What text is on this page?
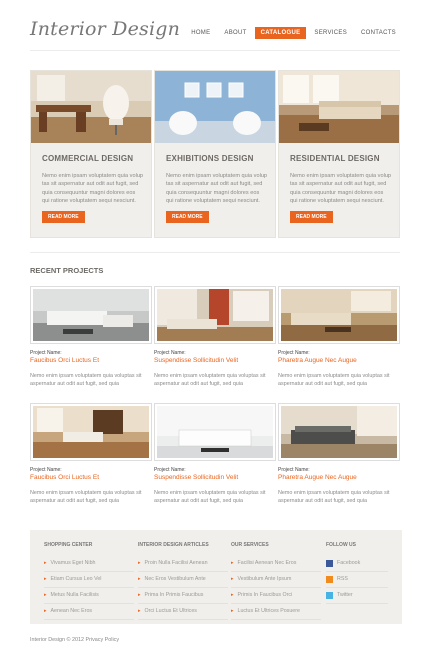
Interior Design	HOME	ABOUT	CATALOGUE	SERVICES	CONTACTS
COMMERCIAL DESIGN
Nemo enim ipsam voluptatem quia volup tas sit aspernatur aut odit aut fugit, sed quia consequuntur magni dolores eos qui ratione voluptatem sequi nesciunt.
READ MORE
EXHIBITIONS DESIGN
Nemo enim ipsam voluptatem quia volup tas sit aspernatur aut odit aut fugit, sed quia consequuntur magni dolores eos qui ratione voluptatem sequi nesciunt.
READ MORE
RESIDENTIAL DESIGN
Nemo enim ipsam voluptatem quia volup tas sit aspernatur aut odit aut fugit, sed quia consequuntur magni dolores eos qui ratione voluptatem sequi nesciunt.
READ MORE
RECENT PROJECTS
Project Name:
Faucibus Orci Luctus Et
Nemo enim ipsam voluptatem quia voluptas sit aspernatur aut odit aut fugit, sed quia
Project Name:
Suspendisse Sollicitudin Velit
Nemo enim ipsam voluptatem quia voluptas sit aspernatur aut odit aut fugit, sed quia
Project Name:
Pharetra Augue Nec Augue
Nemo enim ipsam voluptatem quia voluptas sit aspernatur aut odit aut fugit, sed quia
Project Name:
Faucibus Orci Luctus Et
Nemo enim ipsam voluptatem quia voluptas sit aspernatur aut odit aut fugit, sed quia
Project Name:
Suspendisse Sollicitudin Velit
Nemo enim ipsam voluptatem quia voluptas sit aspernatur aut odit aut fugit, sed quia
Project Name:
Pharetra Augue Nec Augue
Nemo enim ipsam voluptatem quia voluptas sit aspernatur aut odit aut fugit, sed quia
SHOPPING CENTER
▸ Vivamus Eget Nibh
▸ Etiam Cursus Leo Vel
▸ Metus Nulla Facilisis
▸ Aenean Nec Eros
INTERIOR DESIGN ARTICLES
▸ Proin Nulla Facilisi Aenean
▸ Nec Eros Vestibulum Ante
▸ Prima In Primis Faucibus
▸ Orci Luctus Et Ultrices
OUR SERVICES
▸ Facilisi Aenean Nec Eros
▸ Vestibulum Ante Ipsum
▸ Primis In Faucibus Orci
▸ Luctus Et Ultrices Posuere
FOLLOW US
Facebook
RSS
Twitter
Interior Design © 2012 Privacy Policy
